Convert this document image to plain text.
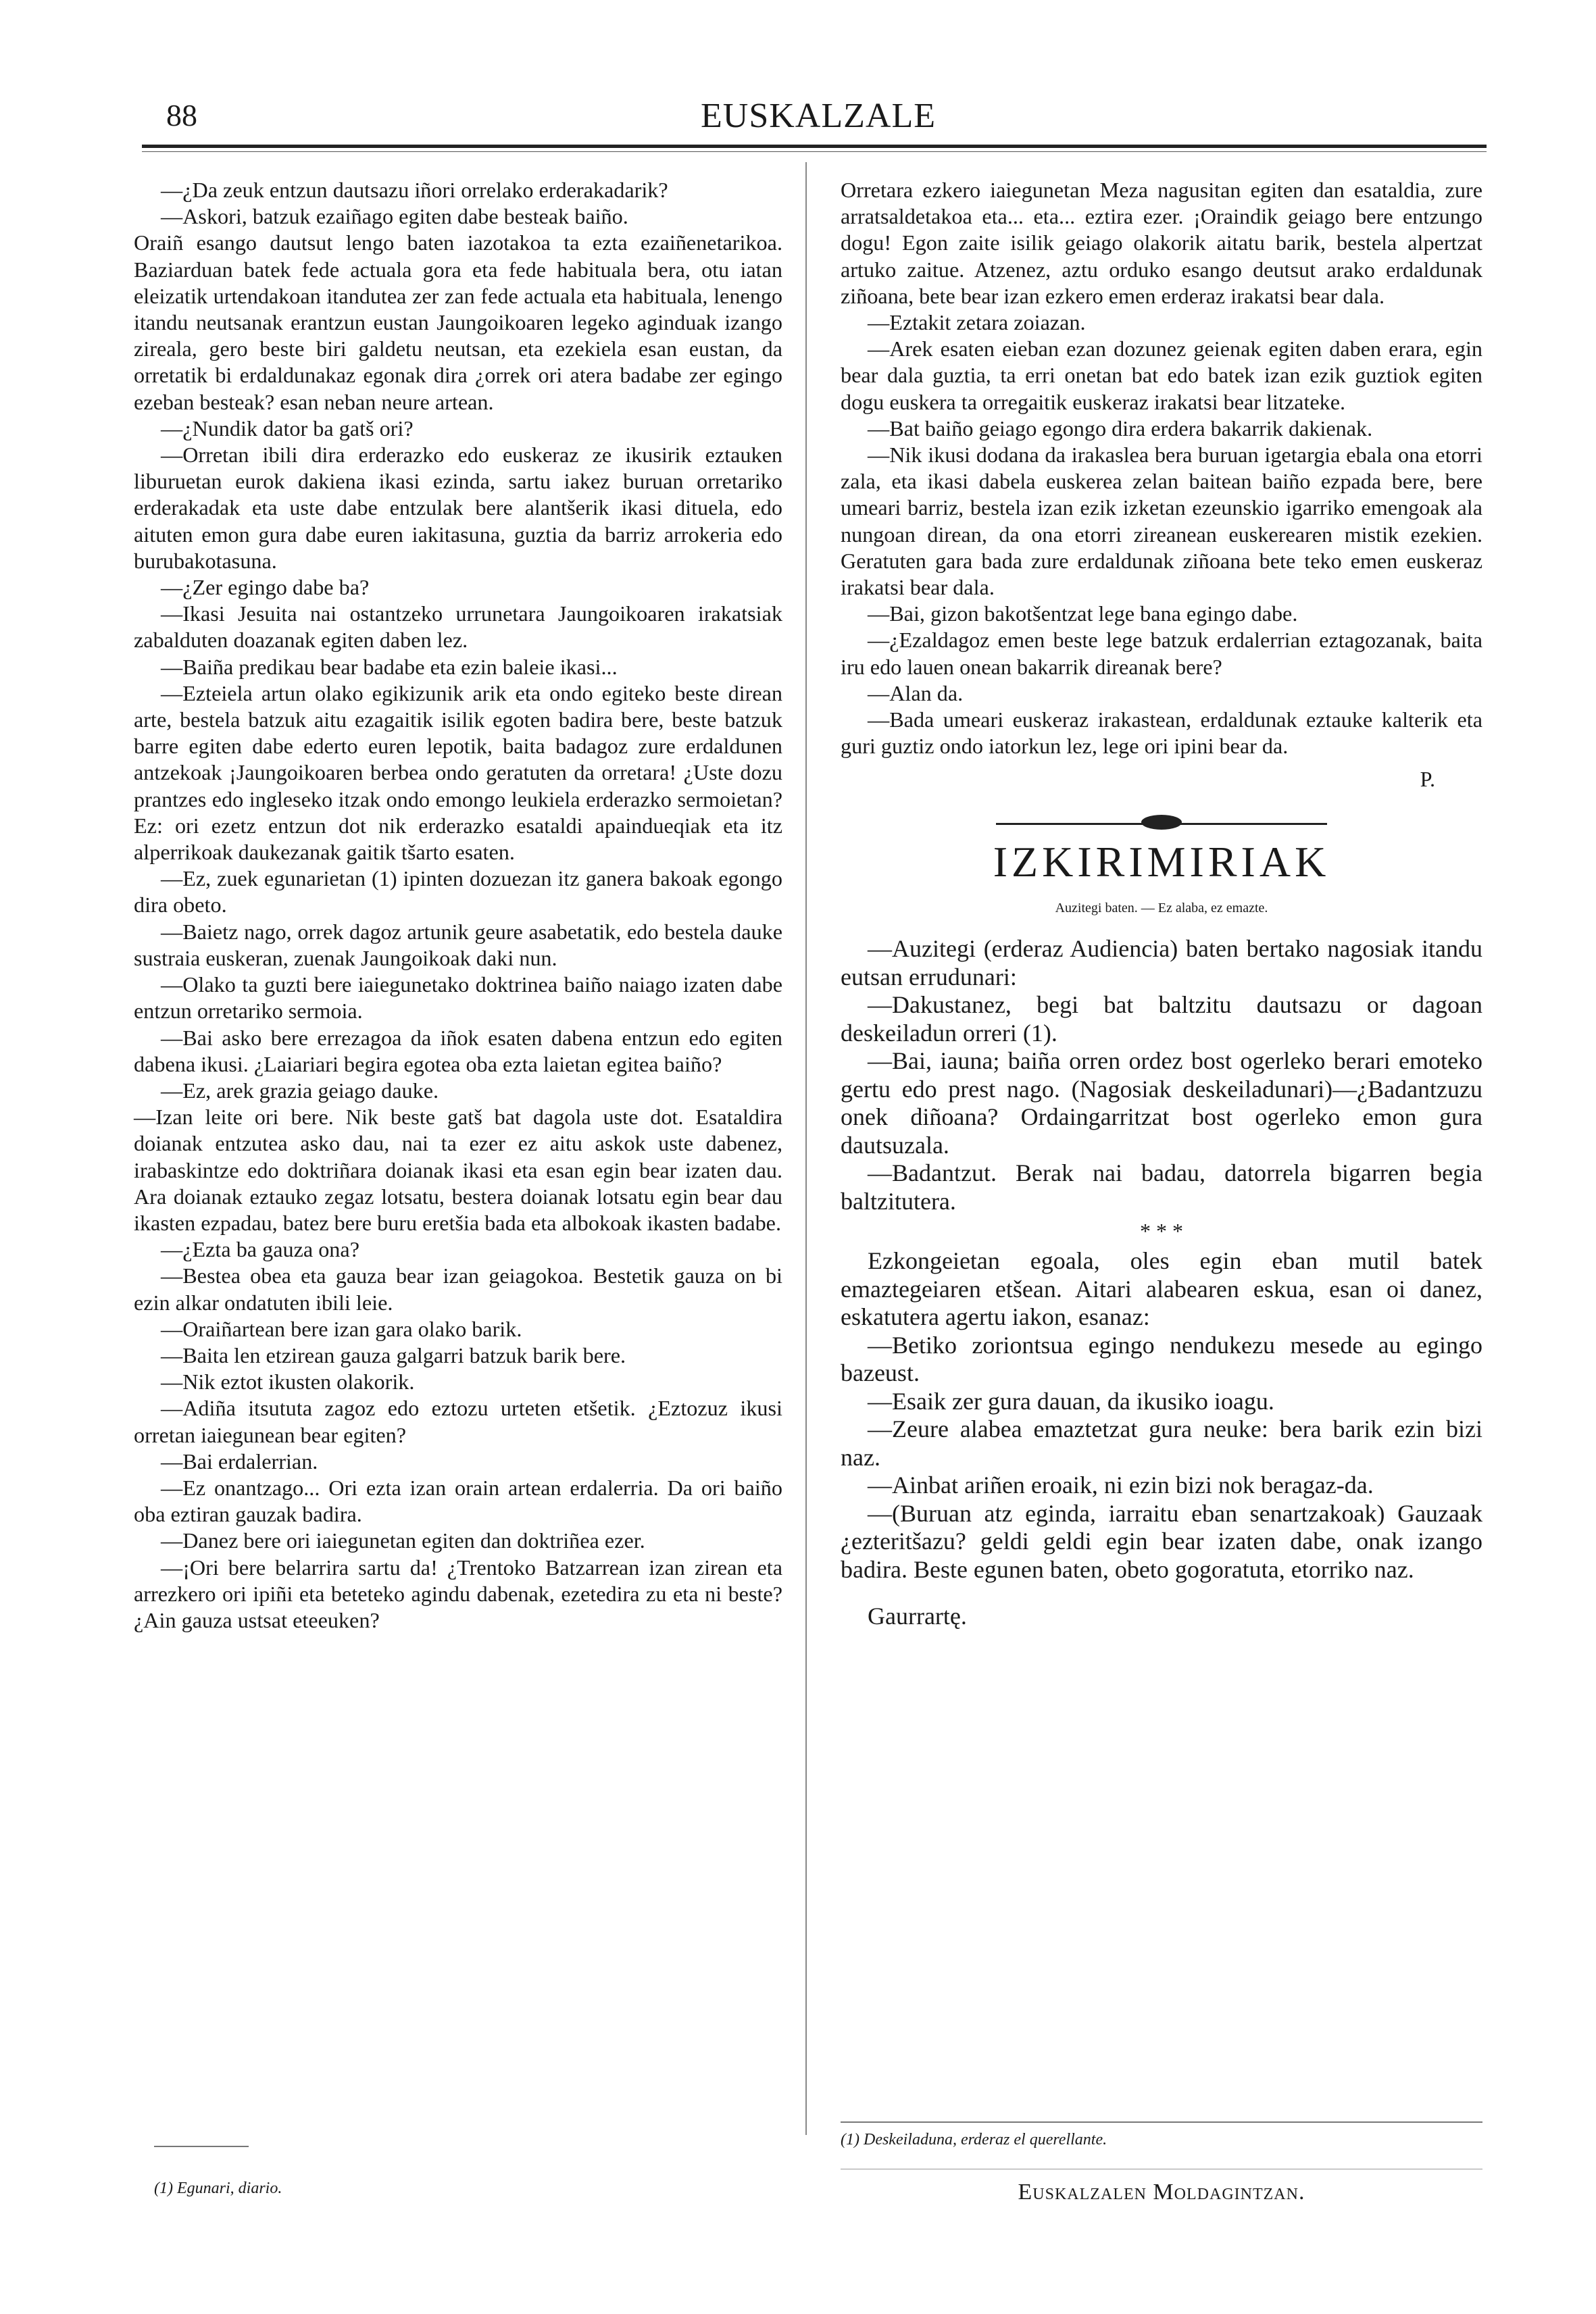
88	EUSKALZALE

—¿Da zeuk entzun dautsazu iñori orrelako erderakadarik?

—Askori, batzuk ezaiñago egiten dabe besteak baiño.

Oraiñ esango dautsut lengo baten iazotakoa ta ezta ezaiñenetarikoa. Baziarduan batek fede actuala gora eta fede habituala bera, otu iatan eleizatik urtendakoan itandutea zer zan fede actuala eta habituala, lenengo itandu neutsanak erantzun eustan Jaungoikoaren legeko aginduak izango zireala, gero beste biri galdetu neutsan, eta ezekiela esan eustan, da orretatik bi erdaldunakaz egonak dira ¿orrek ori atera badabe zer egingo ezeban besteak? esan neban neure artean.

—¿Nundik dator ba gatš ori?

—Orretan ibili dira erderazko edo euskeraz ze ikusirik eztauken liburuetan eurok dakiena ikasi ezinda, sartu iakez buruan orretariko erderakadak eta uste dabe entzulak bere alantšerik ikasi dituela, edo aituten emon gura dabe euren iakitasuna, guztia da barriz arrokeria edo burubakotasuna.

—¿Zer egingo dabe ba?

—Ikasi Jesuita nai ostantzeko urrunetara Jaungoikoaren irakatsiak zabalduten doazanak egiten daben lez.

—Baiña predikau bear badabe eta ezin baleie ikasi...

—Ezteiela artun olako egikizunik arik eta ondo egiteko beste direan arte, bestela batzuk aitu ezagaitik isilik egoten badira bere, beste batzuk barre egiten dabe ederto euren lepotik, baita badagoz zure erdaldunen antzekoak ¡Jaungoikoaren berbea ondo geratuten da orretara! ¿Uste dozu prantzes edo ingleseko itzak ondo emongo leukiela erderazko sermoietan? Ez: ori ezetz entzun dot nik erderazko esataldi apaindueqiak eta itz alperrikoak daukezanak gaitik tšarto esaten.

—Ez, zuek egunarietan (1) ipinten dozuezan itz ganera bakoak egongo dira obeto.

—Baietz nago, orrek dagoz artunik geure asabetatik, edo bestela dauke sustraia euskeran, zuenak Jaungoikoak daki nun.

—Olako ta guzti bere iaiegunetako doktrinea baiño naiago izaten dabe entzun orretariko sermoia.

—Bai asko bere errezagoa da iñok esaten dabena entzun edo egiten dabena ikusi. ¿Laiariari begira egotea oba ezta laietan egitea baiño?

—Ez, arek grazia geiago dauke.

—Izan leite ori bere. Nik beste gatš bat dagola uste dot. Esataldira doianak entzutea asko dau, nai ta ezer ez aitu askok uste dabenez, irabaskintze edo doktriñara doianak ikasi eta esan egin bear izaten dau. Ara doianak eztauko zegaz lotsatu, bestera doianak lotsatu egin bear dau ikasten ezpadau, batez bere buru eretšia bada eta albokoak ikasten badabe.

—¿Ezta ba gauza ona?

—Bestea obea eta gauza bear izan geiagokoa. Bestetik gauza on bi ezin alkar ondatuten ibili leie.

—Oraiñartean bere izan gara olako barik.

—Baita len etzirean gauza galgarri batzuk barik bere.

—Nik eztot ikusten olakorik.

—Adiña itsututa zagoz edo eztozu urteten etšetik. ¿Eztozuz ikusi orretan iaiegunean bear egiten?

—Bai erdalerrian.

—Ez onantzago... Ori ezta izan orain artean erdalerria. Da ori baiño oba eztiran gauzak badira.

—Danez bere ori iaiegunetan egiten dan doktriñea ezer.

—¡Ori bere belarrira sartu da! ¿Trentoko Batzarrean izan zirean eta arrezkero ori ipiñi eta beteteko agindu dabenak, ezetedira zu eta ni beste? ¿Ain gauza ustsat eteeuken?

(1) Egunari, diario.

Orretara ezkero iaiegunetan Meza nagusitan egiten dan esataldia, zure arratsaldetakoa eta... eta... eztira ezer. ¡Oraindik geiago bere entzungo dogu! Egon zaite isilik geiago olakorik aitatu barik, bestela alpertzat artuko zaitue. Atzenez, aztu orduko esango deutsut arako erdaldunak ziñoana, bete bear izan ezkero emen erderaz irakatsi bear dala.

—Eztakit zetara zoiazan.

—Arek esaten eieban ezan dozunez geienak egiten daben erara, egin bear dala guztia, ta erri onetan bat edo batek izan ezik guztiok egiten dogu euskera ta orregaitik euskeraz irakatsi bear litzateke.

—Bat baiño geiago egongo dira erdera bakarrik dakienak.

—Nik ikusi dodana da irakaslea bera buruan igetargia ebala ona etorri zala, eta ikasi dabela euskerea zelan baitean baiño ezpada bere, bere umeari barriz, bestela izan ezik izketan ezeunskio igarriko emengoak ala nungoan direan, da ona etorri zireanean euskerearen mistik ezekien. Geratuten gara bada zure erdaldunak ziñoana bete teko emen euskeraz irakatsi bear dala.

—Bai, gizon bakotšentzat lege bana egingo dabe.

—¿Ezaldagoz emen beste lege batzuk erdalerrian eztagozanak, baita iru edo lauen onean bakarrik direanak bere?

—Alan da.

—Bada umeari euskeraz irakastean, erdaldunak eztauke kalterik eta guri guztiz ondo iatorkun lez, lege ori ipini bear da.

P.

IZKIRIMIRIAK
Auzitegi baten. — Ez alaba, ez emazte.

—Auzitegi (erderaz Audiencia) baten bertako nagosiak itandu eutsan errudunari:

—Dakustanez, begi bat baltzitu dautsazu or dagoan deskeiladun orreri (1).

—Bai, iauna; baiña orren ordez bost ogerleko berari emoteko gertu edo prest nago. (Nagosiak deskeiladunari)—¿Badantzuzu onek diñoana? Ordaingarritzat bost ogerleko emon gura dautsuzala.

—Badantzut. Berak nai badau, datorrela bigarren begia baltzitutera.

* * *

Ezkongeietan egoala, oles egin eban mutil batek emaztegeiaren etšean. Aitari alabearen eskua, esan oi danez, eskatutera agertu iakon, esanaz:

—Betiko zoriontsua egingo nendukezu mesede au egingo bazeust.

—Esaik zer gura dauan, da ikusiko ioagu.

—Zeure alabea emaztetzat gura neuke: bera barik ezin bizi naz.

—Ainbat ariñen eroaik, ni ezin bizi nok beragaz-da.

—(Buruan atz eginda, iarraitu eban senartzakoak) Gauzaak ¿ezteritšazu? geldi geldi egin bear izaten dabe, onak izango badira. Beste egunen baten, obeto gogoratuta, etorriko naz.

Gaurrartę.

(1) Deskeiladuna, erderaz el querellante.
Euskalzalen Moldagintzan.
